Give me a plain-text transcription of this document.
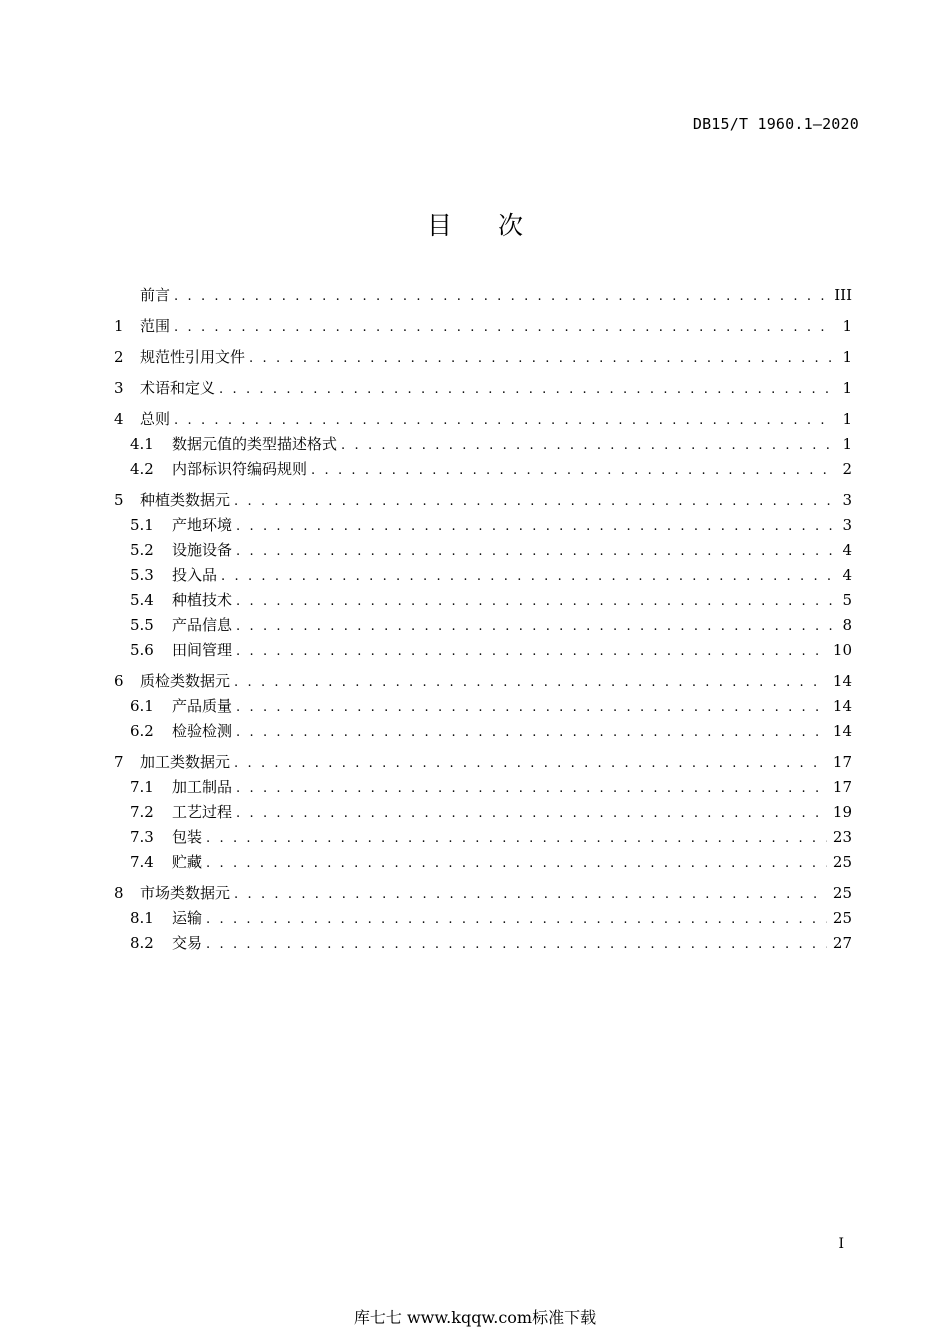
DB15/T 1960.1—2020
目次
前言 . . .	III
1	范围 . . .	1
2	规范性引用文件 . . .	1
3	术语和定义 . . .	1
4	总则 . . .	1
4.1	数据元值的类型描述格式 . . .	1
4.2	内部标识符编码规则 . . .	2
5	种植类数据元 . . .	3
5.1	产地环境 . . .	3
5.2	设施设备 . . .	4
5.3	投入品 . . .	4
5.4	种植技术 . . .	5
5.5	产品信息 . . .	8
5.6	田间管理 . . .	10
6	质检类数据元 . . .	14
6.1	产品质量 . . .	14
6.2	检验检测 . . .	14
7	加工类数据元 . . .	17
7.1	加工制品 . . .	17
7.2	工艺过程 . . .	19
7.3	包装 . . .	23
7.4	贮藏 . . .	25
8	市场类数据元 . . .	25
8.1	运输 . . .	25
8.2	交易 . . .	27
I
库七七 www.kqqw.com标准下载
